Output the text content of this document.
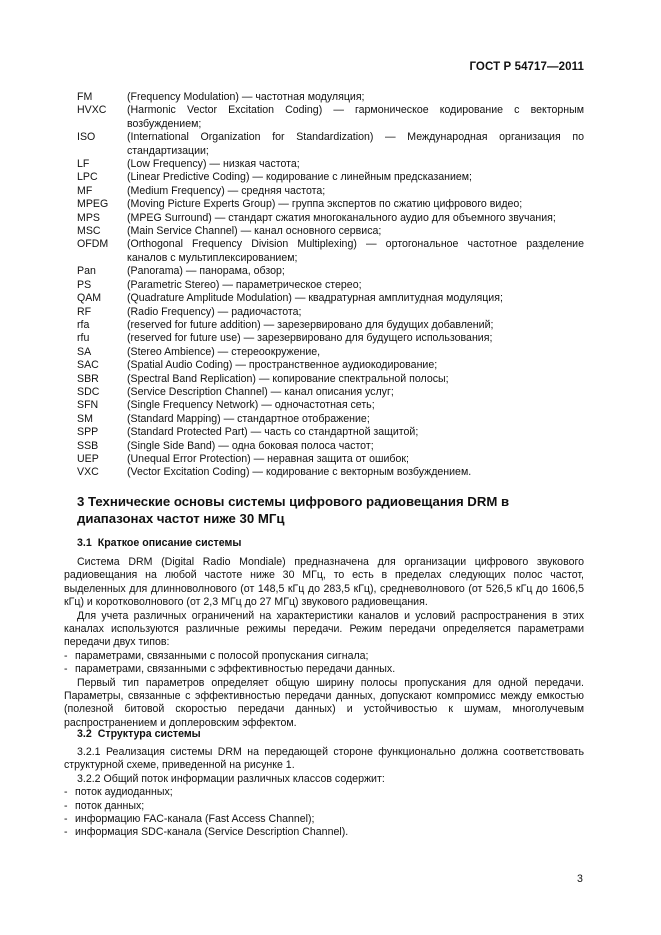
ГОСТ Р 54717—2011
FM	(Frequency Modulation) — частотная модуляция;
HVXC	(Harmonic Vector Excitation Coding) — гармоническое кодирование с векторным возбуждением;
ISO	(International Organization for Standardization) — Международная организация по стандартизации;
LF	(Low Frequency) — низкая частота;
LPC	(Linear Predictive Coding) — кодирование с линейным предсказанием;
MF	(Medium Frequency) — средняя частота;
MPEG	(Moving Picture Experts Group) — группа экспертов по сжатию цифрового видео;
MPS	(MPEG Surround) — стандарт сжатия многоканального аудио для объемного звучания;
MSC	(Main Service Channel) — канал основного сервиса;
OFDM	(Orthogonal Frequency Division Multiplexing) — ортогональное частотное разделение каналов с мультиплексированием;
Pan	(Panorama) — панорама, обзор;
PS	(Parametric Stereo) — параметрическое стерео;
QAM	(Quadrature Amplitude Modulation) — квадратурная амплитудная модуляция;
RF	(Radio Frequency) — радиочастота;
rfa	(reserved for future addition) — зарезервировано для будущих добавлений;
rfu	(reserved for future use) — зарезервировано для будущего использования;
SA	(Stereo Ambience) — стереоокружение,
SAC	(Spatial Audio Coding) — пространственное аудиокодирование;
SBR	(Spectral Band Replication) — копирование спектральной полосы;
SDC	(Service Description Channel) — канал описания услуг;
SFN	(Single Frequency Network) — одночастотная сеть;
SM	(Standard Mapping) — стандартное отображение;
SPP	(Standard Protected Part) — часть со стандартной защитой;
SSB	(Single Side Band) — одна боковая полоса частот;
UEP	(Unequal Error Protection) — неравная защита от ошибок;
VXC	(Vector Excitation Coding) — кодирование с векторным возбуждением.
3 Технические основы системы цифрового радиовещания DRM в диапазонах частот ниже 30 МГц
3.1 Краткое описание системы

Система DRM (Digital Radio Mondiale) предназначена для организации цифрового звукового радиовещания на любой частоте ниже 30 МГц, то есть в пределах следующих полос частот, выделенных для длинноволнового (от 148,5 кГц до 283,5 кГц), средневолнового (от 526,5 кГц до 1606,5 кГц) и коротковолнового (от 2,3 МГц до 27 МГц) звукового радиовещания.

Для учета различных ограничений на характеристики каналов и условий распространения в этих каналах используются различные режимы передачи. Режим передачи определяется параметрами передачи двух типов:

- параметрами, связанными с полосой пропускания сигнала;

- параметрами, связанными с эффективностью передачи данных.

Первый тип параметров определяет общую ширину полосы пропускания для одной передачи. Параметры, связанные с эффективностью передачи данных, допускают компромисс между емкостью (полезной битовой скоростью передачи данных) и устойчивостью к шумам, многолучевым распространением и доплеровским эффектом.

3.2 Структура системы

3.2.1 Реализация системы DRM на передающей стороне функционально должна соответствовать структурной схеме, приведенной на рисунке 1.

3.2.2 Общий поток информации различных классов содержит:

- поток аудиоданных;

- поток данных;

- информацию FAC-канала (Fast Access Channel);

- информация SDC-канала (Service Description Channel).

3
